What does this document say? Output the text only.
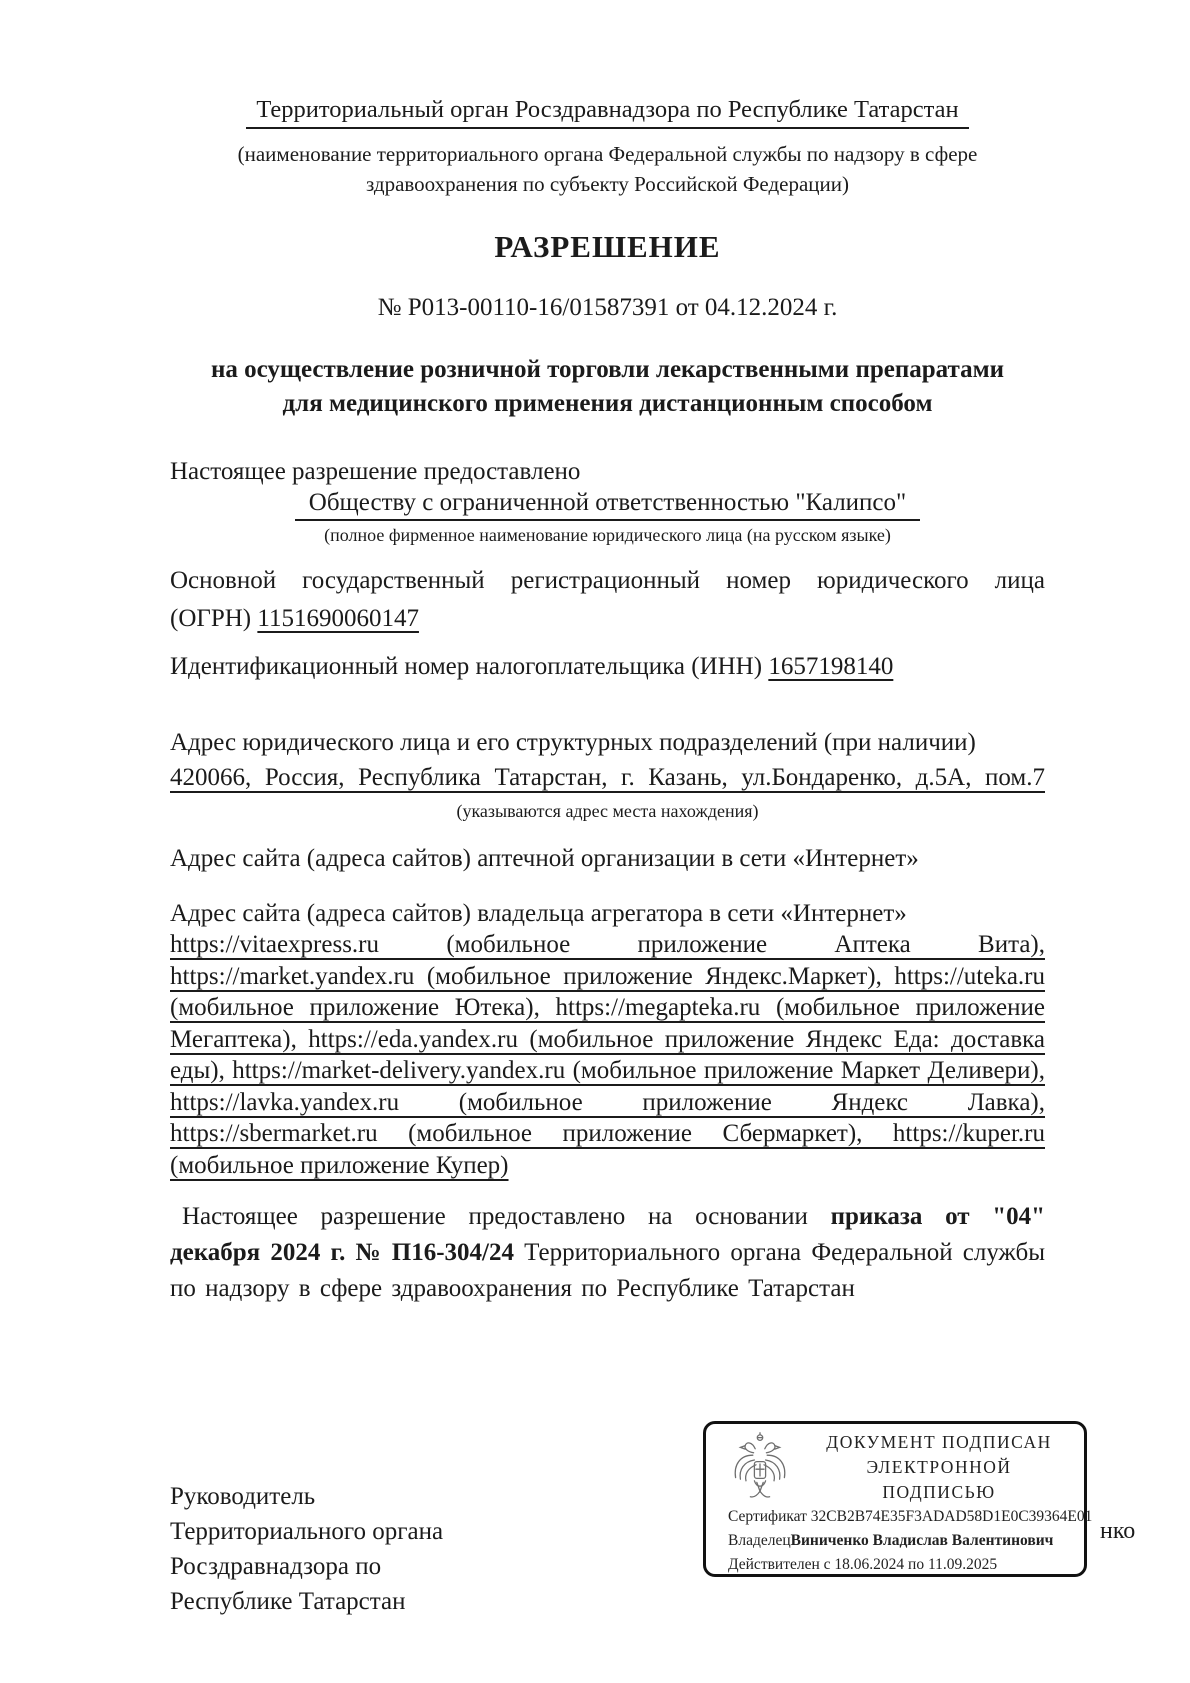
Территориальный орган Росздравнадзора по Республике Татарстан
(наименование территориального органа Федеральной службы по надзору в сфере здравоохранения по субъекту Российской Федерации)
РАЗРЕШЕНИЕ
№ Р013-00110-16/01587391 от 04.12.2024 г.
на осуществление розничной торговли лекарственными препаратами для медицинского применения дистанционным способом
Настоящее разрешение предоставлено
Обществу с ограниченной ответственностью "Калипсо"
(полное фирменное наименование юридического лица (на русском языке)
Основной государственный регистрационный номер юридического лица
(ОГРН) 1151690060147
Идентификационный номер налогоплательщика (ИНН) 1657198140
Адрес юридического лица и его структурных подразделений (при наличии)
420066, Россия, Республика Татарстан, г. Казань, ул.Бондаренко, д.5А, пом.7
(указываются адрес места нахождения)
Адрес сайта (адреса сайтов) аптечной организации в сети «Интернет»
Адрес сайта (адреса сайтов) владельца агрегатора в сети «Интернет»
https://vitaexpress.ru (мобильное приложение Аптека Вита), https://market.yandex.ru (мобильное приложение Яндекс.Маркет), https://uteka.ru (мобильное приложение Ютека), https://megapteka.ru (мобильное приложение Мегаптека), https://eda.yandex.ru (мобильное приложение Яндекс Еда: доставка еды), https://market-delivery.yandex.ru (мобильное приложение Маркет Деливери), https://lavka.yandex.ru (мобильное приложение Яндекс Лавка), https://sbermarket.ru (мобильное приложение Сбермаркет), https://kuper.ru (мобильное приложение Купер)

Настоящее разрешение предоставлено на основании приказа от "04" декабря 2024 г. № П16-304/24 Территориального органа Федеральной службы по надзору в сфере здравоохранения по Республике Татарстан

Руководитель
Территориального органа
Росздравнадзора по
Республике Татарстан
ДОКУМЕНТ ПОДПИСАН
ЭЛЕКТРОННОЙ ПОДПИСЬЮ
Сертификат 32CB2B74E35F3ADAD58D1E0C39364E01
ВладелецВиниченко Владислав Валентинович
Действителен с 18.06.2024 по 11.09.2025
нко
